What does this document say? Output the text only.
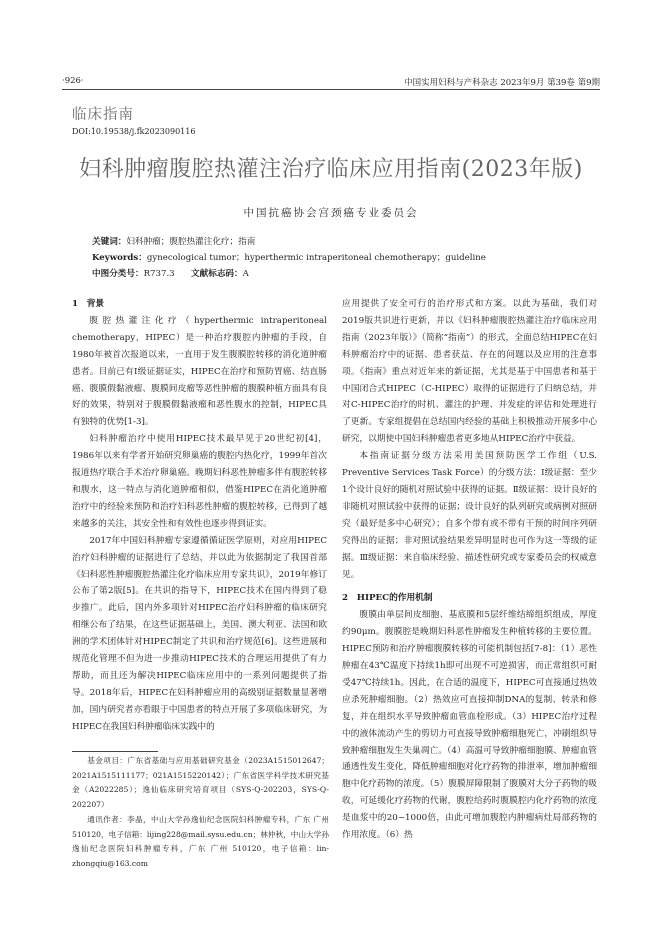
·926·	中国实用妇科与产科杂志 2023年9月 第39卷 第9期
临床指南
DOI:10.19538/j.fk2023090116
妇科肿瘤腹腔热灌注治疗临床应用指南(2023年版)
中国抗癌协会宫颈癌专业委员会
关键词：妇科肿瘤；腹腔热灌注化疗；指南
Keywords：gynecological tumor；hyperthermic intraperitoneal chemotherapy；guideline
中图分类号：R737.3 文献标志码：A

1　背景

腹腔热灌注化疗（hyperthermic intraperitoneal chemotherapy，HIPEC）是一种治疗腹腔内肿瘤的手段，自1980年被首次报道以来，一直用于发生腹膜腔转移的消化道肿瘤患者。目前已有Ⅰ级证据证实，HIPEC在治疗和预防胃癌、结直肠癌、腹膜假黏液瘤、腹膜间皮瘤等恶性肿瘤的腹膜种植方面具有良好的效果，特别对于腹膜假黏液瘤和恶性腹水的控制，HIPEC具有独特的优势[1-3]。

妇科肿瘤治疗中使用HIPEC技术最早见于20世纪初[4]，1986年以来有学者开始研究卵巢癌的腹腔内热化疗，1999年首次报道热疗联合手术治疗卵巢癌。晚期妇科恶性肿瘤多伴有腹腔转移和腹水，这一特点与消化道肿瘤相似，借鉴HIPEC在消化道肿瘤治疗中的经验来预防和治疗妇科恶性肿瘤的腹腔转移，已得到了越来越多的关注，其安全性和有效性也逐步得到证实。

2017年中国妇科肿瘤专家遵循循证医学原则，对应用HIPEC治疗妇科肿瘤的证据进行了总结，并以此为依据制定了我国首部《妇科恶性肿瘤腹腔热灌注化疗临床应用专家共识》，2019年修订公布了第2版[5]。在共识的指导下，HIPEC技术在国内得到了稳步推广。此后，国内外多项针对HIPEC治疗妇科肿瘤的临床研究相继公布了结果，在这些证据基础上，美国、澳大利亚、法国和欧洲的学术团体针对HIPEC制定了共识和治疗规范[6]。这些进展和规范化管理不但为进一步推动HIPEC技术的合理运用提供了有力帮助，而且还为解决HIPEC临床应用中的一系列问题提供了指导。2018年后，HIPEC在妇科肿瘤应用的高级别证据数量显著增加，国内研究者亦看眼于中国患者的特点开展了多项临床研究，为HIPEC在我国妇科肿瘤临床实践中的

基金项目：广东省基础与应用基础研究基金（2023A1515012647；2021A1515111177；021A1515220142）；广东省医学科学技术研究基金（A2022285）；逸仙临床研究培育项目（SYS-Q-202203，SYS-Q-202207）

通讯作者：李晶，中山大学孙逸仙纪念医院妇科肿瘤专科，广东 广州 510120，电子信箱：lijing228@mail.sysu.edu.cn；林仲秋，中山大学孙逸仙纪念医院妇科肿瘤专科，广东 广州 510120，电子信箱：lin-zhongqiu@163.com

应用提供了安全可行的治疗形式和方案。以此为基础，我们对2019版共识进行更新，并以《妇科肿瘤腹腔热灌注治疗临床应用指南（2023年版）》（简称“指南”）的形式，全面总结HIPEC在妇科肿瘤治疗中的证据、患者获益、存在的问题以及应用的注意事项。《指南》重点对近年来的新证据，尤其是基于中国患者和基于中国闭合式HIPEC（C-HIPEC）取得的证据进行了归纳总结，并对C-HIPEC治疗的时机、灌注的护理、并发症的评估和处理进行了更新。专家组提倡在总结国内经验的基础上积极推动开展多中心研究，以期使中国妇科肿瘤患者更多地从HIPEC治疗中获益。

本指南证据分级方法采用美国预防医学工作组（U.S. Preventive Services Task Force）的分级方法：Ⅰ级证据：至少1个设计良好的随机对照试验中获得的证据。Ⅱ级证据：设计良好的非随机对照试验中获得的证据；设计良好的队列研究或病例对照研究（最好是多中心研究）；自多个带有或不带有干预的时间序列研究得出的证据；非对照试验结果差异明显时也可作为这一等级的证据。Ⅲ级证据：来自临床经验、描述性研究或专家委员会的权威意见。

2　HIPEC的作用机制

腹膜由单层间皮细胞、基底膜和5层纤维结缔组织组成，厚度约90μm。腹膜腔是晚期妇科恶性肿瘤发生种植转移的主要位置。HIPEC预防和治疗肿瘤腹膜转移的可能机制包括[7-8]：（1）恶性肿瘤在43℃温度下持续1h即可出现不可逆损害，而正常组织可耐受47℃持续1h。因此，在合适的温度下，HIPEC可直接通过热效应杀死肿瘤细胞。（2）热效应可直接抑制DNA的复制、转录和修复，并在组织水平导致肿瘤血管血栓形成。（3）HIPEC治疗过程中的液体流动产生的剪切力可直接导致肿瘤细胞死亡，冲刷组织导致肿瘤细胞发生失巢凋亡。（4）高温可导致肿瘤细胞膜、肿瘤血管通透性发生变化，降低肿瘤细胞对化疗药物的排泄率，增加肿瘤细胞中化疗药物的浓度。（5）腹膜屏障限制了腹膜对大分子药物的吸收，可延缓化疗药物的代谢，腹腔给药时腹膜腔内化疗药物的浓度是血浆中的20~1000倍，由此可增加腹腔内肿瘤病灶局部药物的作用浓度。（6）热
